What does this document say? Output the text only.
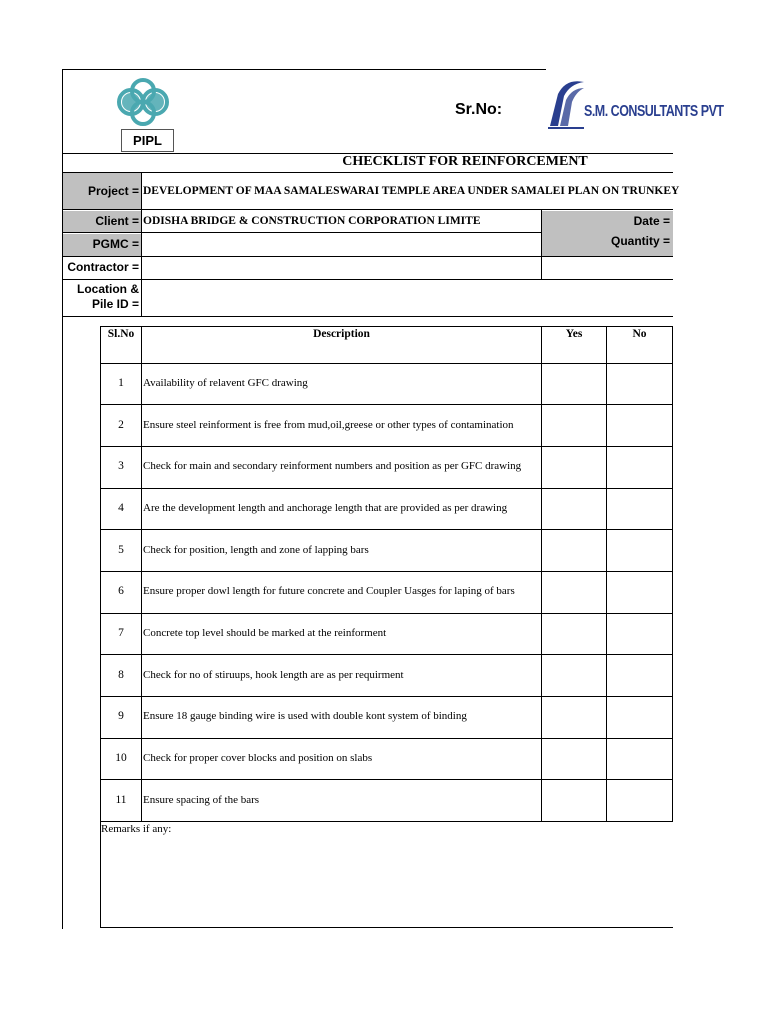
PIPL
Sr.No:	S.M. CONSULTANTS PVT
CHECKLIST FOR REINFORCEMENT
Project = DEVELOPMENT OF MAA SAMALESWARAI TEMPLE AREA UNDER SAMALEI PLAN ON TRUNKEY
Client = ODISHA BRIDGE & CONSTRUCTION CORPORATION LIMITE	Date =
PGMC =	Quantity =
Contractor =
Location &
Pile ID =
Sl.No	Description	Yes	No
1	Availability of relavent GFC drawing
2	Ensure steel reinforment is free from mud,oil,greese or other types of contamination
3	Check for main and secondary reinforment numbers and position as per GFC drawing
4	Are the development length and anchorage length that are provided as per drawing
5	Check for position, length and zone of lapping bars
6	Ensure proper dowl length for future concrete and Coupler Uasges for laping of bars
7	Concrete top level should be marked at the reinforment
8	Check for no of stiruups, hook length are as per requirment
9	Ensure 18 gauge binding wire is used with double kont system of binding
10	Check for proper cover blocks and position on slabs
11	Ensure spacing of the bars
Remarks if any:
